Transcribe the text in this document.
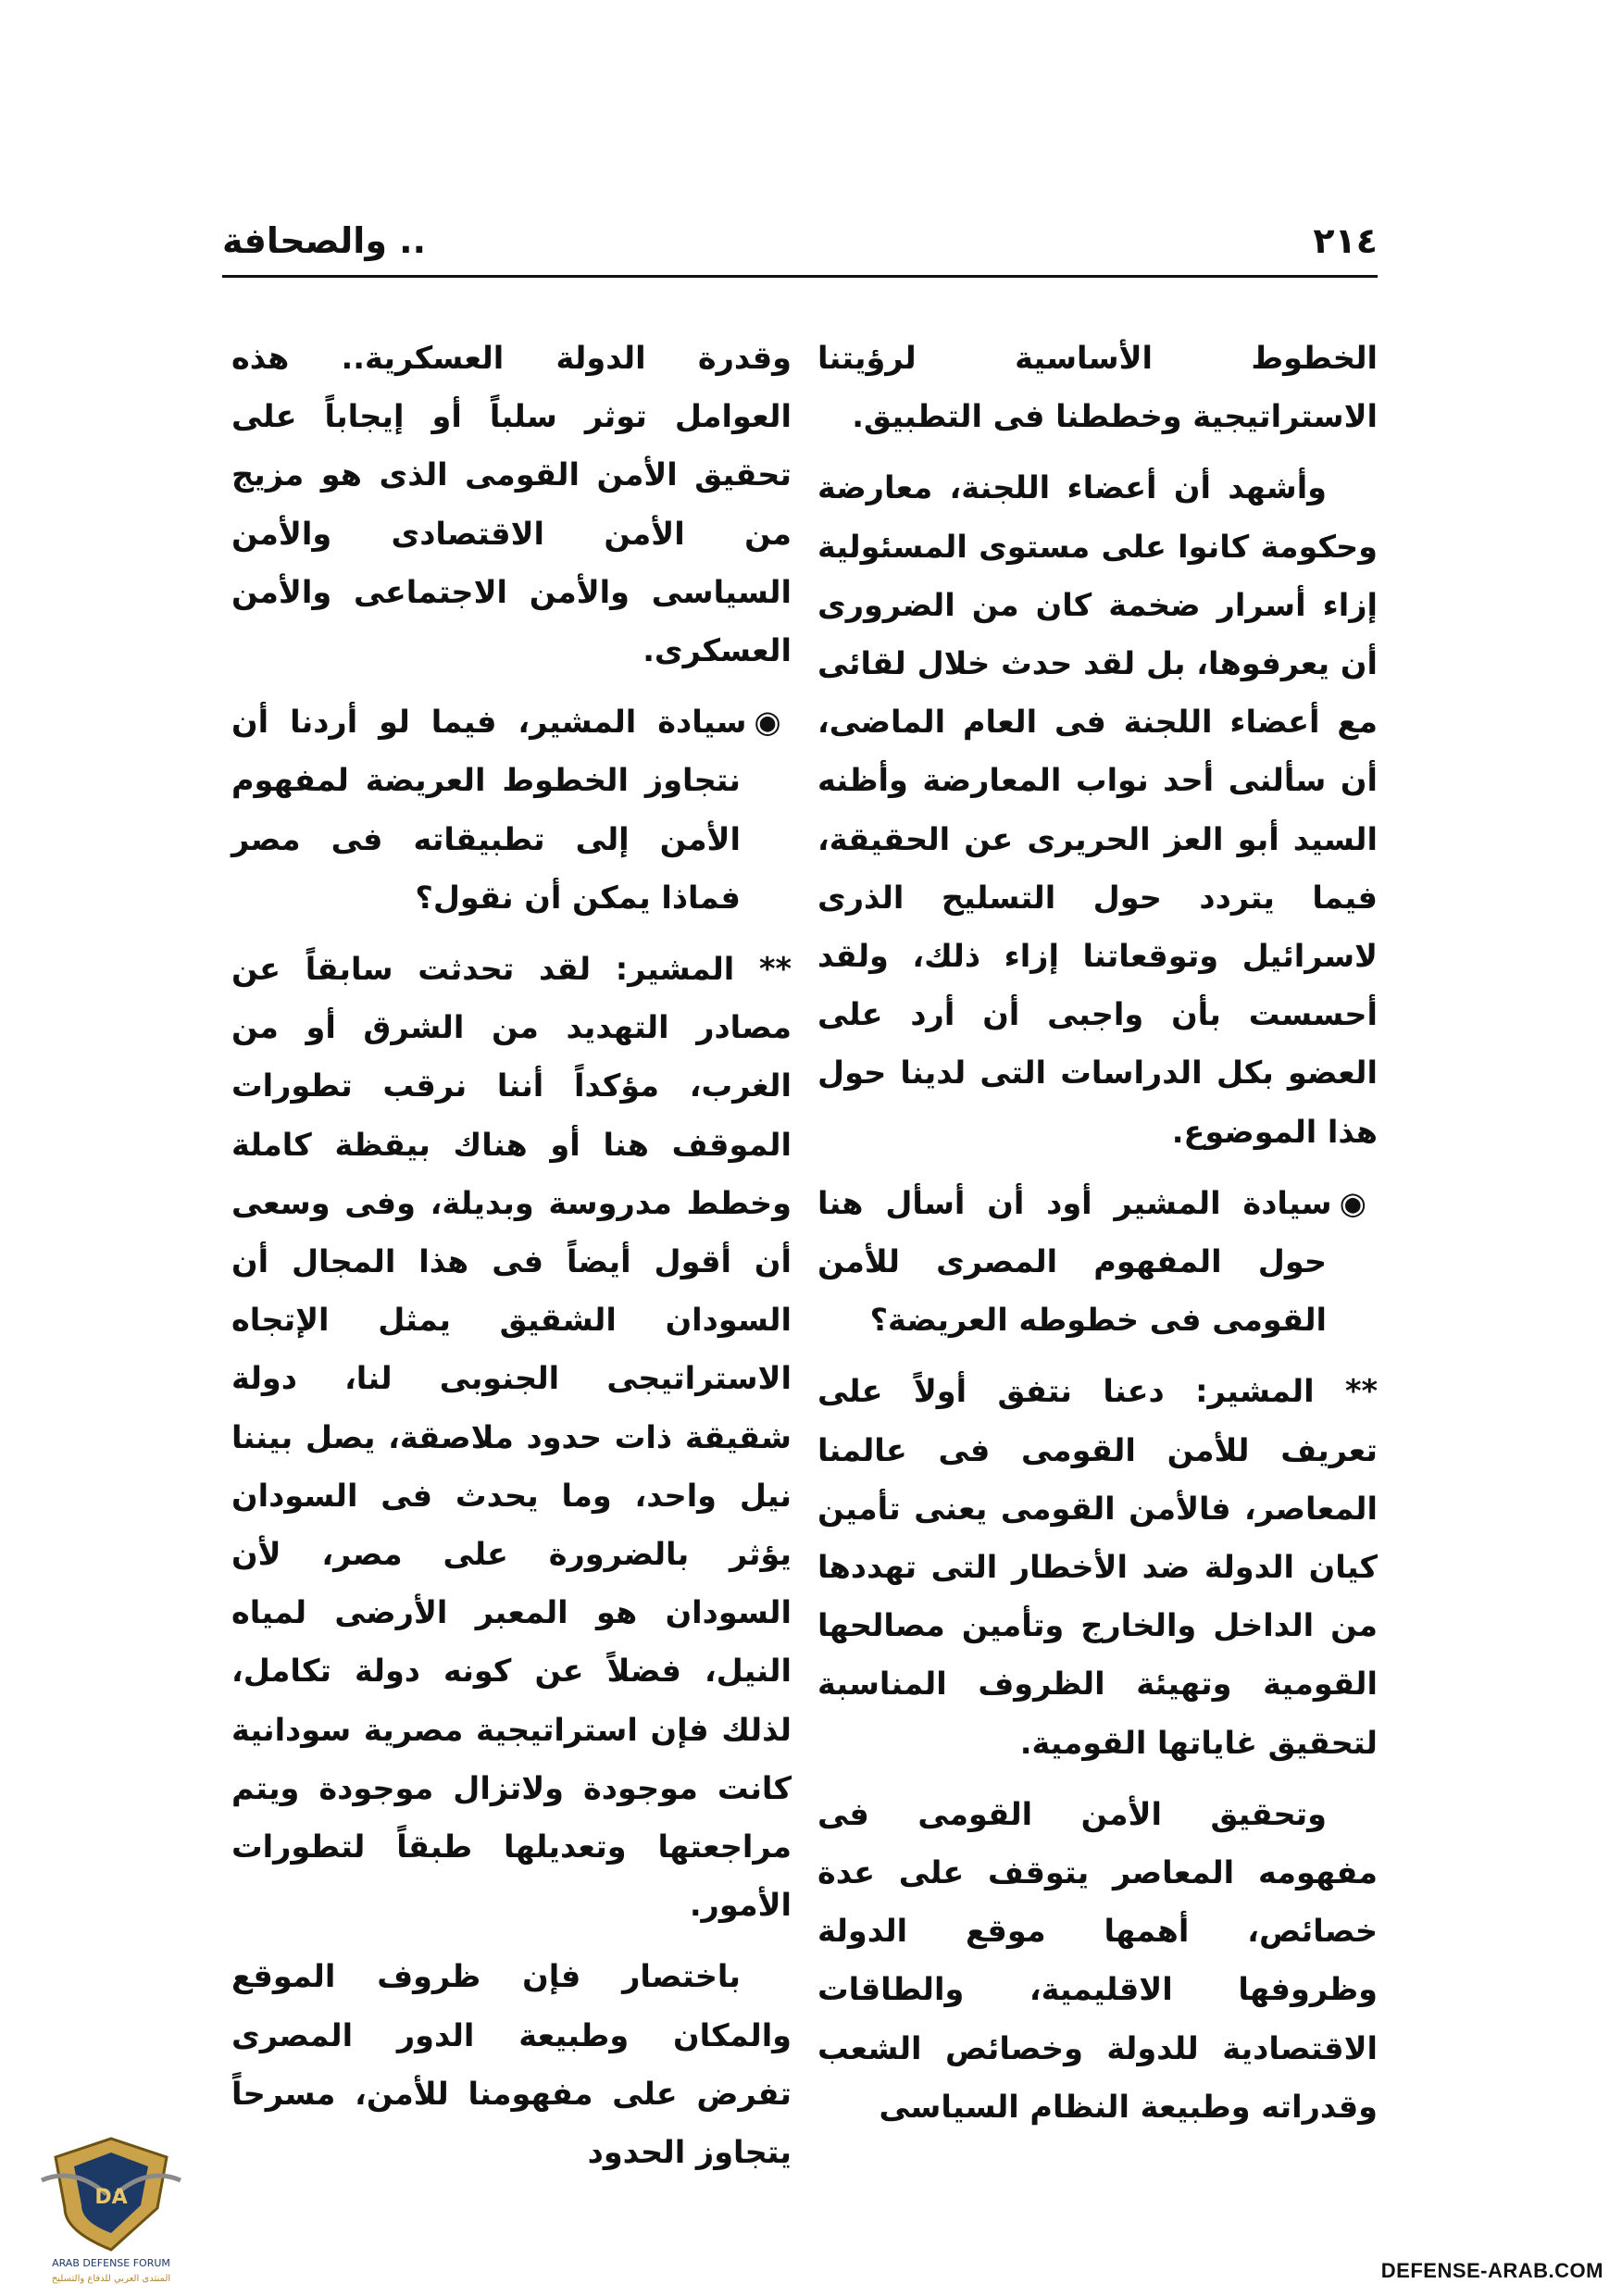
٢١٤
.. والصحافة

الخطوط الأساسية لرؤيتنا الاستراتيجية وخططنا فى التطبيق.

وأشهد أن أعضاء اللجنة، معارضة وحكومة كانوا على مستوى المسئولية إزاء أسرار ضخمة كان من الضرورى أن يعرفوها، بل لقد حدث خلال لقائى مع أعضاء اللجنة فى العام الماضى، أن سألنى أحد نواب المعارضة وأظنه السيد أبو العز الحريرى عن الحقيقة، فيما يتردد حول التسليح الذرى لاسرائيل وتوقعاتنا إزاء ذلك، ولقد أحسست بأن واجبى أن أرد على العضو بكل الدراسات التى لدينا حول هذا الموضوع.

◉سيادة المشير أود أن أسأل هنا حول المفهوم المصرى للأمن القومى فى خطوطه العريضة؟

** المشير: دعنا نتفق أولاً على تعريف للأمن القومى فى عالمنا المعاصر، فالأمن القومى يعنى تأمين كيان الدولة ضد الأخطار التى تهددها من الداخل والخارج وتأمين مصالحها القومية وتهيئة الظروف المناسبة لتحقيق غاياتها القومية.

وتحقيق الأمن القومى فى مفهومه المعاصر يتوقف على عدة خصائص، أهمها موقع الدولة وظروفها الاقليمية، والطاقات الاقتصادية للدولة وخصائص الشعب وقدراته وطبيعة النظام السياسى

وقدرة الدولة العسكرية.. هذه العوامل توثر سلباً أو إيجاباً على تحقيق الأمن القومى الذى هو مزيج من الأمن الاقتصادى والأمن السياسى والأمن الاجتماعى والأمن العسكرى.

◉سيادة المشير، فيما لو أردنا أن نتجاوز الخطوط العريضة لمفهوم الأمن إلى تطبيقاته فى مصر فماذا يمكن أن نقول؟

** المشير: لقد تحدثت سابقاً عن مصادر التهديد من الشرق أو من الغرب، مؤكداً أننا نرقب تطورات الموقف هنا أو هناك بيقظة كاملة وخطط مدروسة وبديلة، وفى وسعى أن أقول أيضاً فى هذا المجال أن السودان الشقيق يمثل الإتجاه الاستراتيجى الجنوبى لنا، دولة شقيقة ذات حدود ملاصقة، يصل بيننا نيل واحد، وما يحدث فى السودان يؤثر بالضرورة على مصر، لأن السودان هو المعبر الأرضى لمياه النيل، فضلاً عن كونه دولة تكامل، لذلك فإن استراتيجية مصرية سودانية كانت موجودة ولاتزال موجودة ويتم مراجعتها وتعديلها طبقاً لتطورات الأمور.

باختصار فإن ظروف الموقع والمكان وطبيعة الدور المصرى تفرض على مفهومنا للأمن، مسرحاً يتجاوز الحدود

DA
ARAB DEFENSE FORUM
المنتدى العربي للدفاع والتسليح	DEFENSE-ARAB.COM
